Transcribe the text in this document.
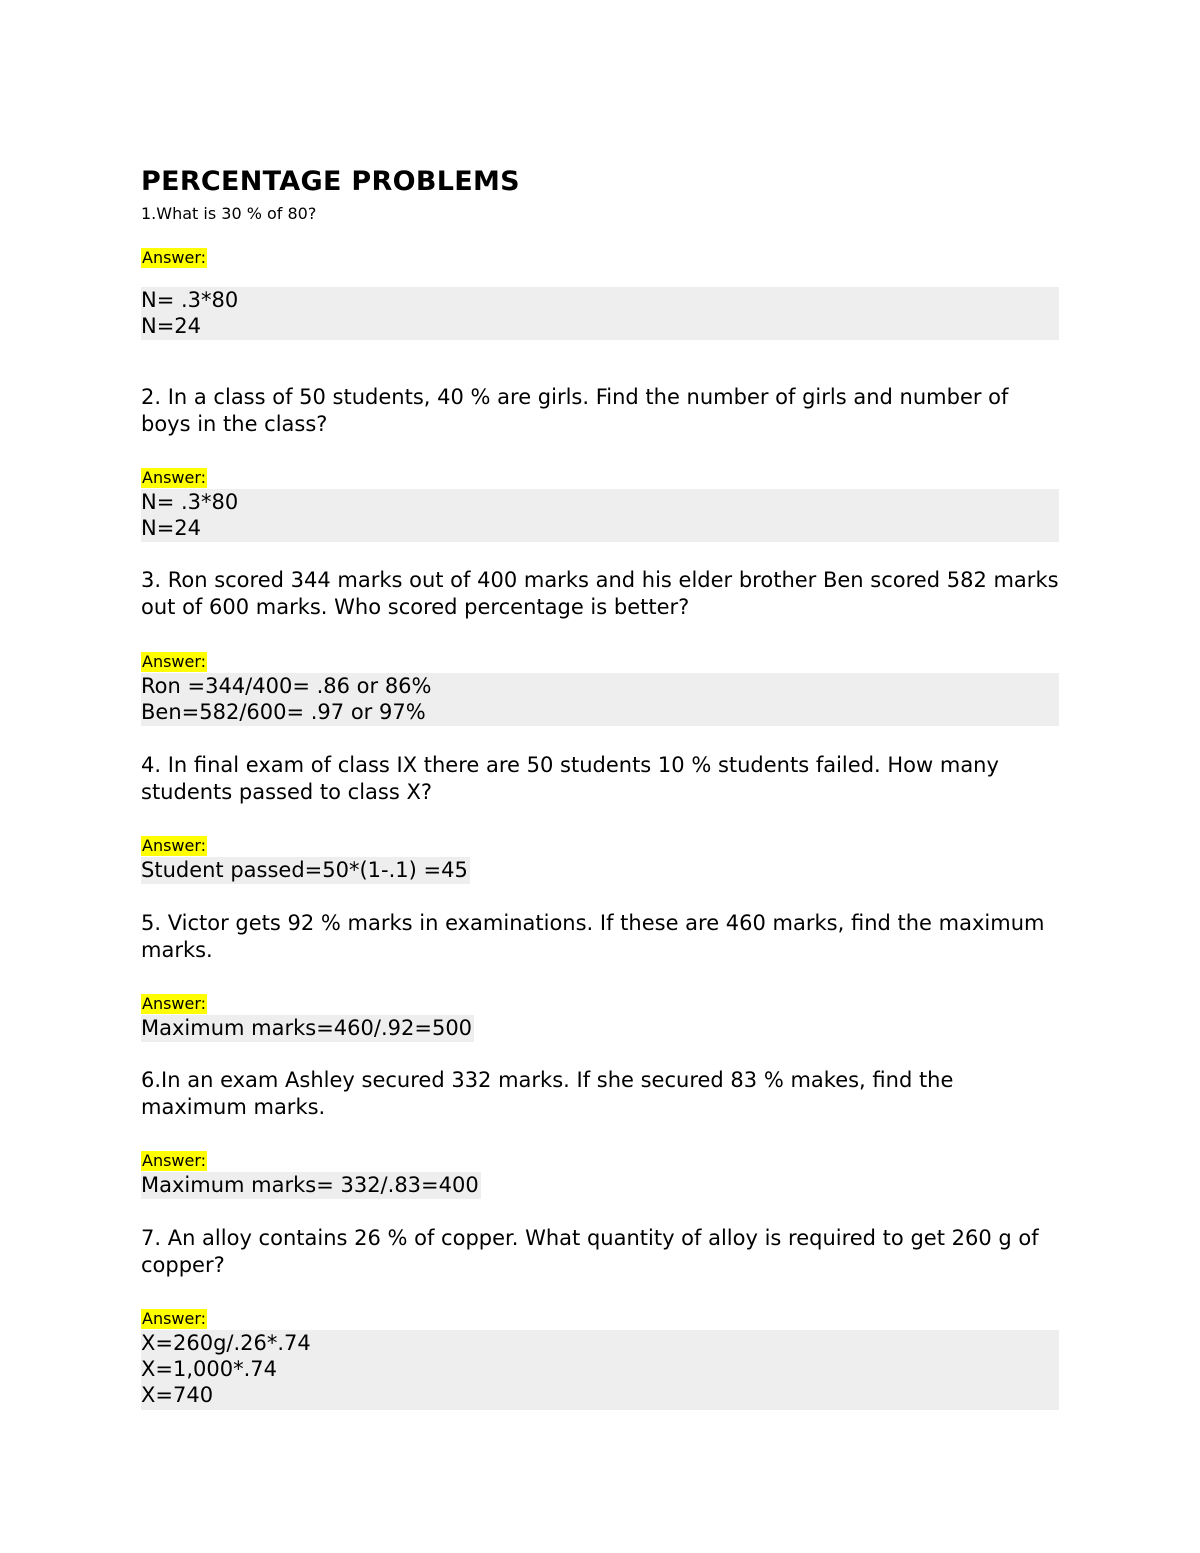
PERCENTAGE PROBLEMS
1.What is 30 % of 80?
Answer:
N= .3*80
N=24
2. In a class of 50 students, 40 % are girls. Find the number of girls and number of boys in the class?
Answer:
N= .3*80
N=24
3. Ron scored 344 marks out of 400 marks and his elder brother Ben scored 582 marks out of 600 marks. Who scored percentage is better?
Answer:
Ron =344/400= .86 or 86%
Ben=582/600= .97 or 97%
4. In final exam of class IX there are 50 students 10 % students failed. How many students passed to class X?
Answer:
Student passed=50*(1-.1) =45
5. Victor gets 92 % marks in examinations. If these are 460 marks, find the maximum marks.
Answer:
Maximum marks=460/.92=500
6.In an exam Ashley secured 332 marks. If she secured 83 % makes, find the maximum marks.
Answer:
Maximum marks= 332/.83=400
7. An alloy contains 26 % of copper. What quantity of alloy is required to get 260 g of copper?
Answer:
X=260g/.26*.74
X=1,000*.74
X=740
